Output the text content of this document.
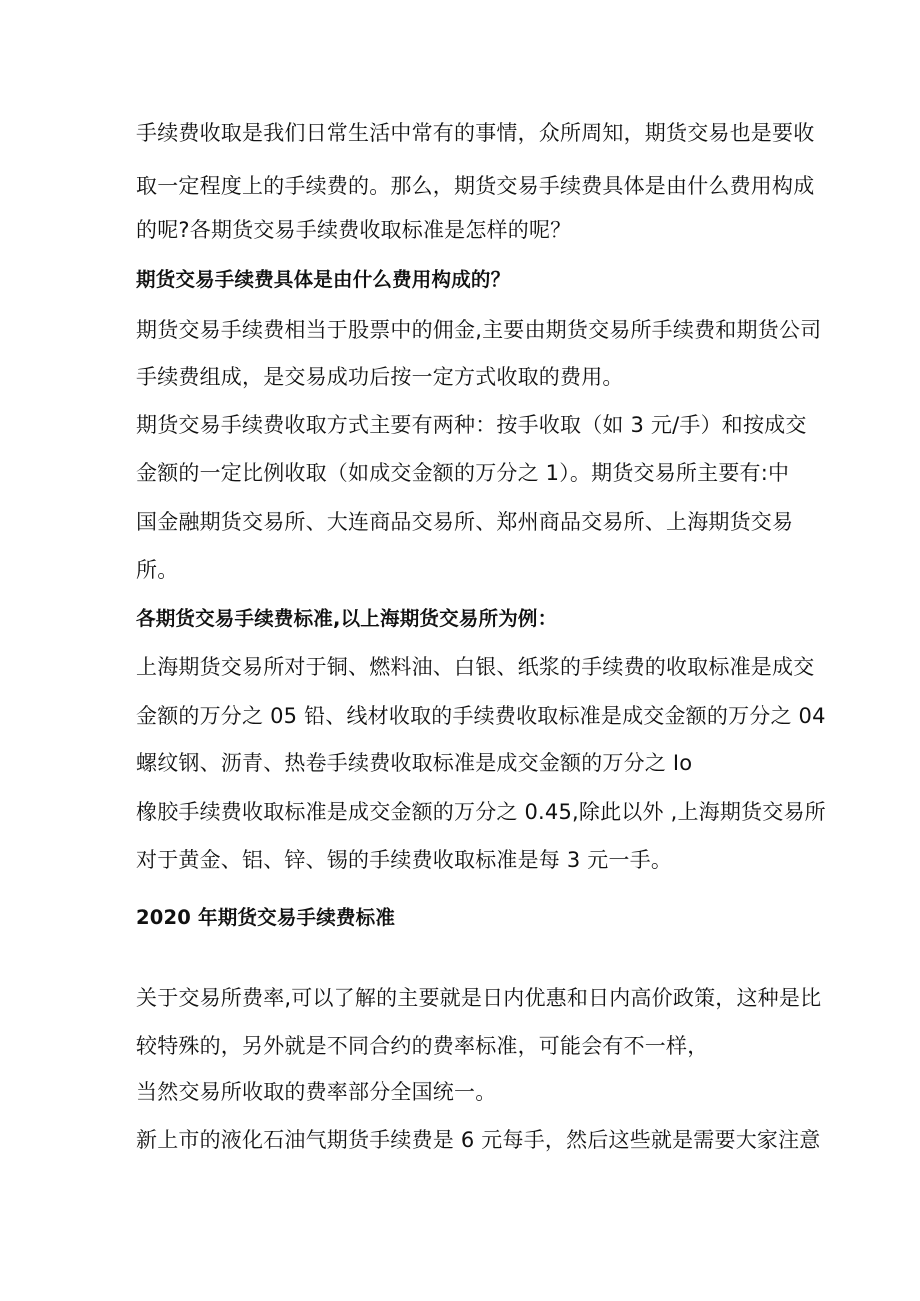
手续费收取是我们日常生活中常有的事情，众所周知，期货交易也是要收
取一定程度上的手续费的。那么，期货交易手续费具体是由什么费用构成
的呢?各期货交易手续费收取标准是怎样的呢？
期货交易手续费具体是由什么费用构成的？
期货交易手续费相当于股票中的佣金,主要由期货交易所手续费和期货公司
手续费组成，是交易成功后按一定方式收取的费用。
期货交易手续费收取方式主要有两种：按手收取（如 3 元/手）和按成交
金额的一定比例收取（如成交金额的万分之 1）。期货交易所主要有:中
国金融期货交易所、大连商品交易所、郑州商品交易所、上海期货交易
所。
各期货交易手续费标准,以上海期货交易所为例：
上海期货交易所对于铜、燃料油、白银、纸浆的手续费的收取标准是成交
金额的万分之 05 铅、线材收取的手续费收取标准是成交金额的万分之 04
螺纹钢、沥青、热卷手续费收取标准是成交金额的万分之 Io
橡胶手续费收取标准是成交金额的万分之 0.45,除此以外 ,上海期货交易所
对于黄金、铝、锌、锡的手续费收取标准是每 3 元一手。
2020 年期货交易手续费标准
关于交易所费率,可以了解的主要就是日内优惠和日内高价政策，这种是比
较特殊的，另外就是不同合约的费率标准，可能会有不一样，
当然交易所收取的费率部分全国统一。
新上市的液化石油气期货手续费是 6 元每手，然后这些就是需要大家注意
